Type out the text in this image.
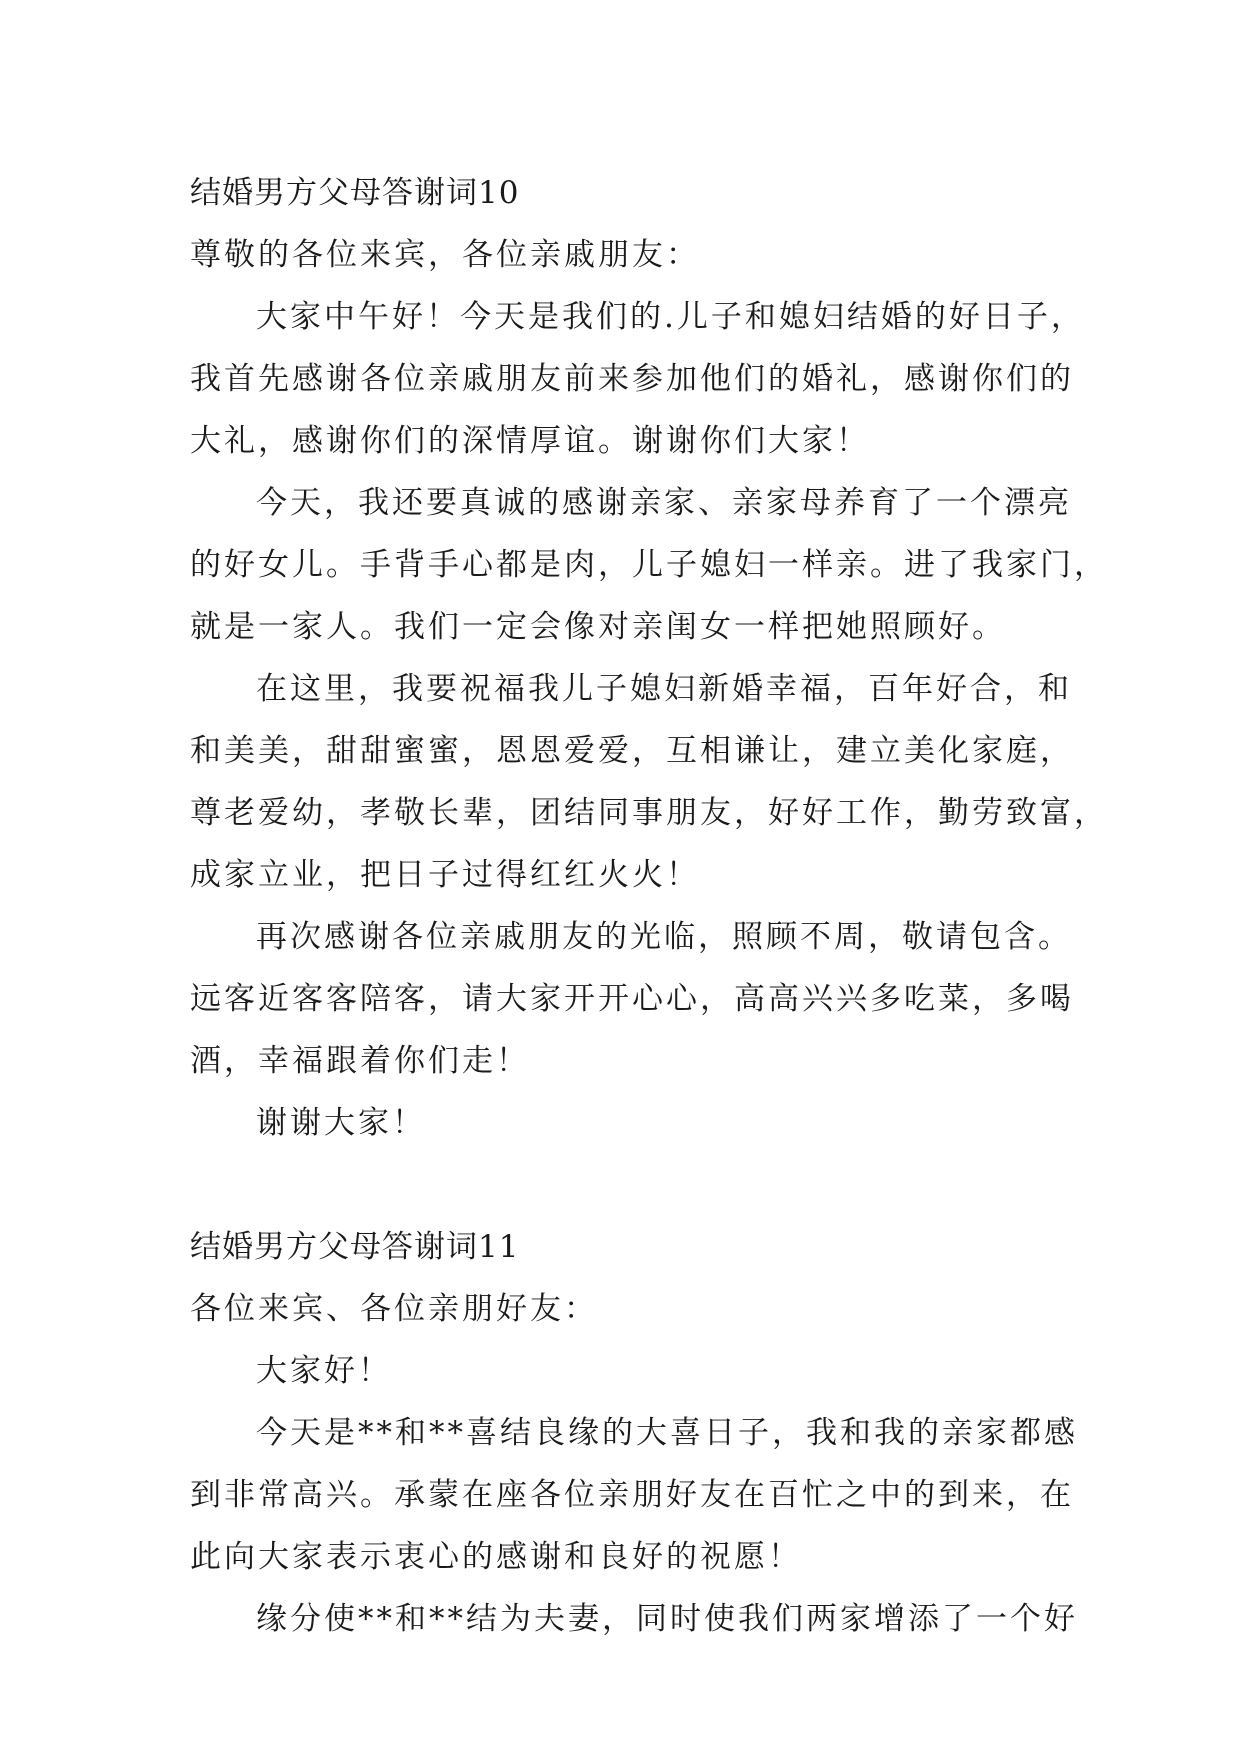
结婚男方父母答谢词10

尊敬的各位来宾，各位亲戚朋友：

大家中午好！今天是我们的.儿子和媳妇结婚的好日子，

我首先感谢各位亲戚朋友前来参加他们的婚礼，感谢你们的

大礼，感谢你们的深情厚谊。谢谢你们大家！

今天，我还要真诚的感谢亲家、亲家母养育了一个漂亮

的好女儿。手背手心都是肉，儿子媳妇一样亲。进了我家门，

就是一家人。我们一定会像对亲闺女一样把她照顾好。

在这里，我要祝福我儿子媳妇新婚幸福，百年好合，和

和美美，甜甜蜜蜜，恩恩爱爱，互相谦让，建立美化家庭，

尊老爱幼，孝敬长辈，团结同事朋友，好好工作，勤劳致富，

成家立业，把日子过得红红火火！

再次感谢各位亲戚朋友的光临，照顾不周，敬请包含。

远客近客客陪客，请大家开开心心，高高兴兴多吃菜，多喝

酒，幸福跟着你们走！

谢谢大家！

结婚男方父母答谢词11

各位来宾、各位亲朋好友：

大家好！

今天是**和**喜结良缘的大喜日子，我和我的亲家都感

到非常高兴。承蒙在座各位亲朋好友在百忙之中的到来，在

此向大家表示衷心的感谢和良好的祝愿！

缘分使**和**结为夫妻，同时使我们两家增添了一个好
